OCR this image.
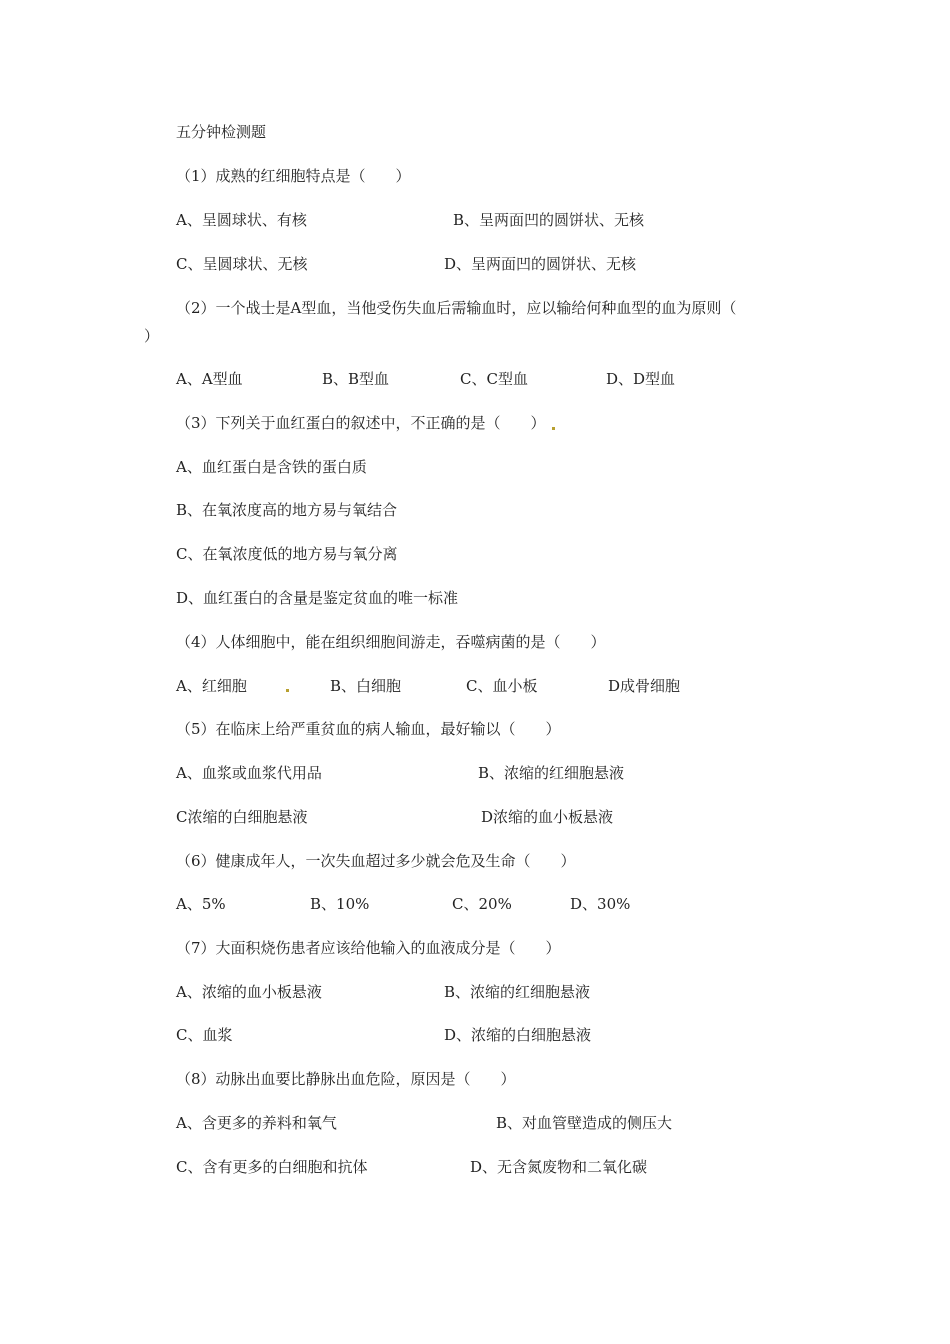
五分钟检测题
（1）成熟的红细胞特点是（　　）
A、呈圆球状、有核	B、呈两面凹的圆饼状、无核
C、呈圆球状、无核	D、呈两面凹的圆饼状、无核
（2）一个战士是A型血，当他受伤失血后需输血时，应以输给何种血型的血为原则（
）
A、A型血	B、B型血	C、C型血	D、D型血
（3）下列关于血红蛋白的叙述中，不正确的是（　　）
A、血红蛋白是含铁的蛋白质
B、在氧浓度高的地方易与氧结合
C、在氧浓度低的地方易与氧分离
D、血红蛋白的含量是鉴定贫血的唯一标准
（4）人体细胞中，能在组织细胞间游走，吞噬病菌的是（　　）
A、红细胞	B、白细胞	C、血小板	D成骨细胞
（5）在临床上给严重贫血的病人输血，最好输以（　　）
A、血浆或血浆代用品	B、浓缩的红细胞悬液
C浓缩的白细胞悬液	D浓缩的血小板悬液
（6）健康成年人，一次失血超过多少就会危及生命（　　）
A、5%	B、10%	C、20%	D、30%
（7）大面积烧伤患者应该给他输入的血液成分是（　　）
A、浓缩的血小板悬液	B、浓缩的红细胞悬液
C、血浆	D、浓缩的白细胞悬液
（8）动脉出血要比静脉出血危险，原因是（　　）
A、含更多的养料和氧气	B、对血管壁造成的侧压大
C、含有更多的白细胞和抗体	D、无含氮废物和二氧化碳
